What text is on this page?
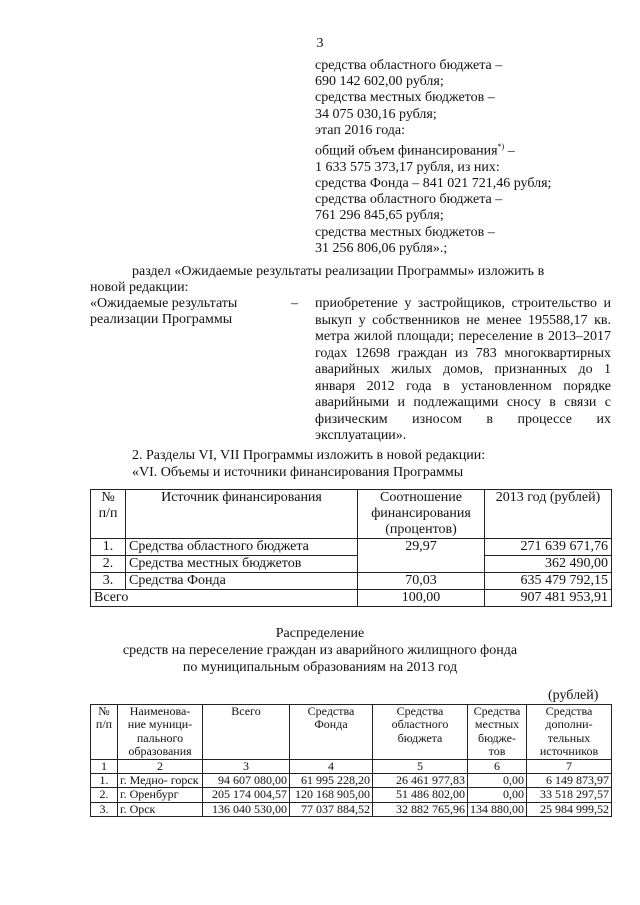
3
средства областного бюджета –
690 142 602,00 рубля;
средства местных бюджетов –
34 075 030,16 рубля;
этап 2016 года:
общий объем финансирования*) –
1 633 575 373,17 рубля, из них:
средства Фонда – 841 021 721,46 рубля;
средства областного бюджета –
761 296 845,65 рубля;
средства местных бюджетов –
31 256 806,06 рубля».;
раздел «Ожидаемые результаты реализации Программы» изложить в
новой редакции:
«Ожидаемые результаты
реализации Программы
– приобретение у застройщиков, строительство и выкуп у собственников не менее 195588,17 кв. метра жилой площади; переселение в 2013–2017 годах 12698 граждан из 783 многоквартирных аварийных жилых домов, признанных до 1 января 2012 года в установленном порядке аварийными и подлежащими сносу в связи с физическим износом в процессе их эксплуатации».
2. Разделы VI, VII Программы изложить в новой редакции:
«VI. Объемы и источники финансирования Программы
№ п/п	Источник финансирования	Соотношение финансирования (процентов)	2013 год (рублей)
1.	Средства областного бюджета	29,97	271 639 671,76
2.	Средства местных бюджетов		362 490,00
3.	Средства Фонда	70,03	635 479 792,15
Всего		100,00	907 481 953,91
Распределение
средств на переселение граждан из аварийного жилищного фонда
по муниципальным образованиям на 2013 год
(рублей)
№ п/п	Наименова- ние муници- пального образования	Всего	Средства Фонда	Средства областного бюджета	Средства местных бюдже- тов	Средства дополни- тельных источников
1	2	3	4	5	6	7
1.	г. Медно- горск	94 607 080,00	61 995 228,20	26 461 977,83	0,00	6 149 873,97
2.	г. Оренбург	205 174 004,57	120 168 905,00	51 486 802,00	0,00	33 518 297,57
3.	г. Орск	136 040 530,00	77 037 884,52	32 882 765,96	134 880,00	25 984 999,52
